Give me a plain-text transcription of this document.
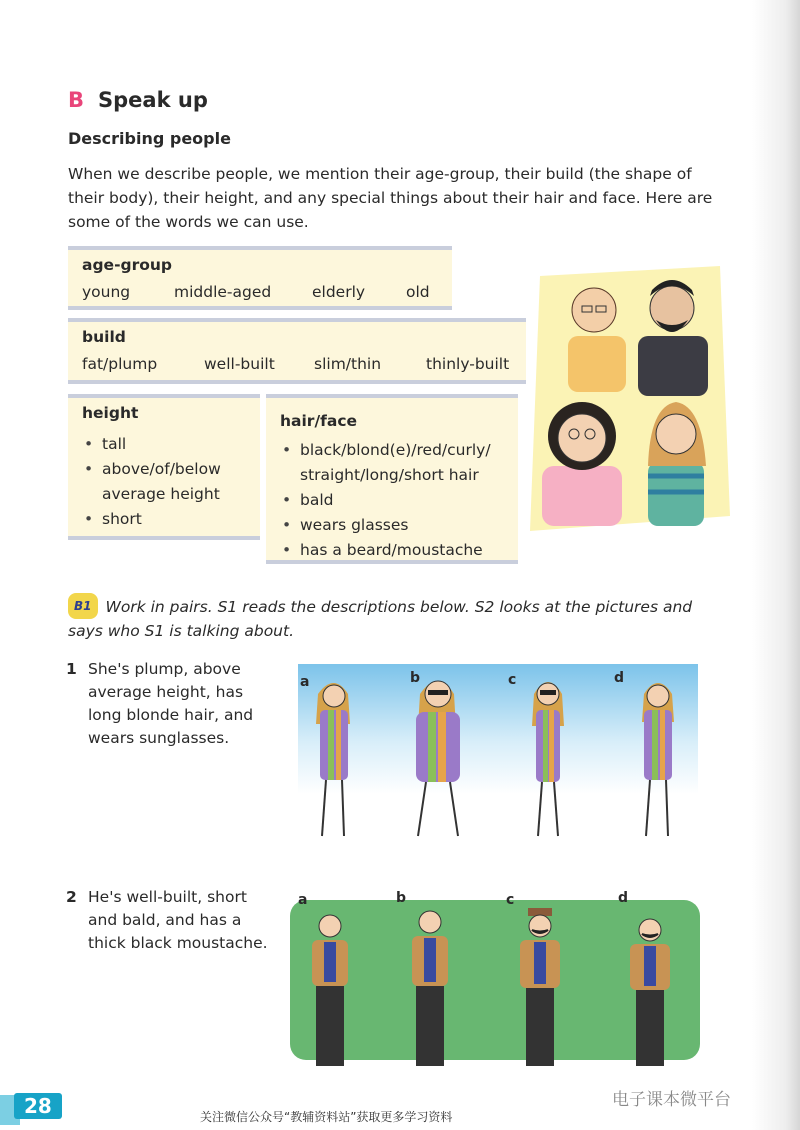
B Speak up
Describing people
When we describe people, we mention their age-group, their build (the shape of their body), their height, and any special things about their hair and face. Here are some of the words we can use.
age-group
young	middle-aged	elderly	old
build
fat/plump	well-built	slim/thin	thinly-built
height
• tall
• above/of/below average height
• short
hair/face
• black/blond(e)/red/curly/ straight/long/short hair
• bald
• wears glasses
• has a beard/moustache
B1 Work in pairs. S1 reads the descriptions below. S2 looks at the pictures and says who S1 is talking about.
1 She's plump, above average height, has long blonde hair, and wears sunglasses.
a	b	c	d
2 He's well-built, short and bald, and has a thick black moustache.
a	b	c	d
28	关注微信公众号“教辅资料站”获取更多学习资料
电子课本微平台
